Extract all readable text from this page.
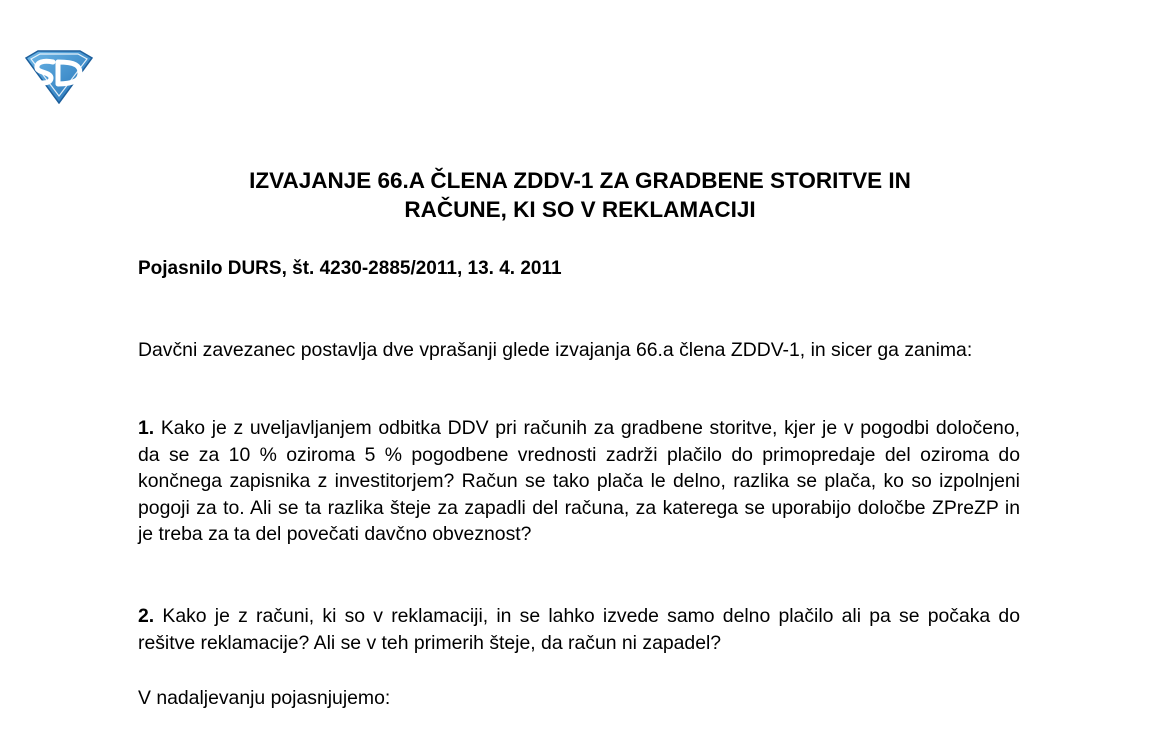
IZVAJANJE 66.A ČLENA ZDDV-1 ZA GRADBENE STORITVE IN
RAČUNE, KI SO V REKLAMACIJI

Pojasnilo DURS, št. 4230-2885/2011, 13. 4. 2011

Davčni zavezanec postavlja dve vprašanji glede izvajanja 66.a člena ZDDV-1, in sicer ga zanima:

1. Kako je z uveljavljanjem odbitka DDV pri računih za gradbene storitve, kjer je v pogodbi določeno, da se za 10 % oziroma 5 % pogodbene vrednosti zadrži plačilo do primopredaje del oziroma do končnega zapisnika z investitorjem? Račun se tako plača le delno, razlika se plača, ko so izpolnjeni pogoji za to. Ali se ta razlika šteje za zapadli del računa, za katerega se uporabijo določbe ZPreZP in je treba za ta del povečati davčno obveznost?

2. Kako je z računi, ki so v reklamaciji, in se lahko izvede samo delno plačilo ali pa se počaka do rešitve reklamacije? Ali se v teh primerih šteje, da račun ni zapadel?

V nadaljevanju pojasnjujemo:
